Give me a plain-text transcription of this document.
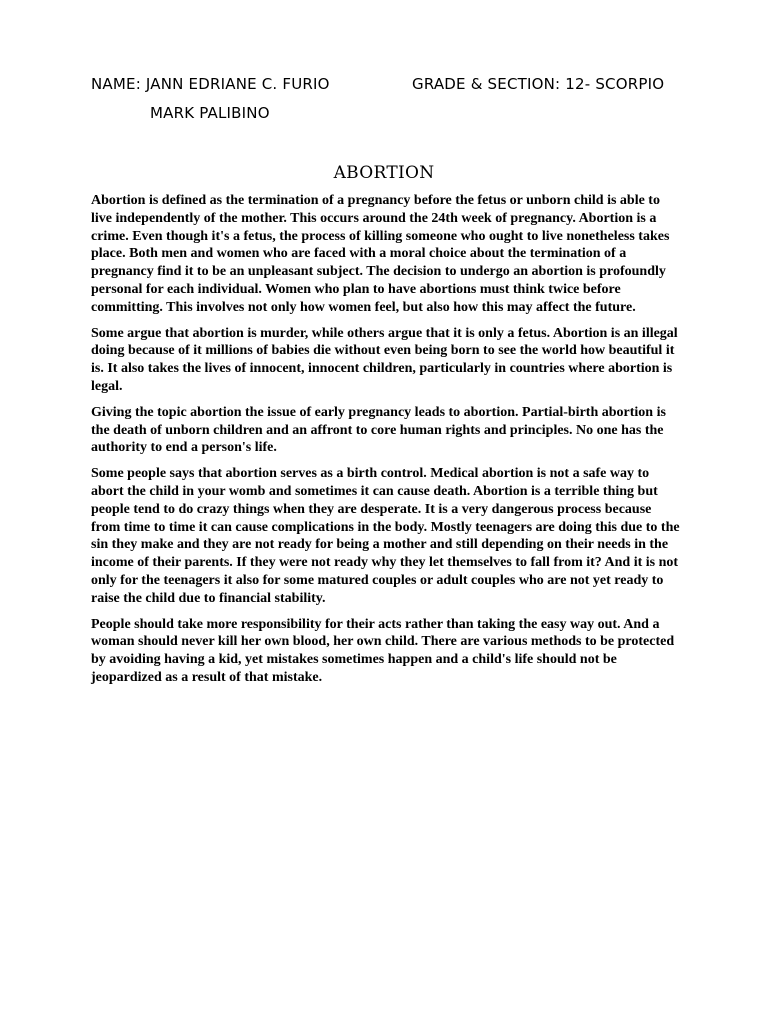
NAME: JANN EDRIANE C. FURIO	GRADE & SECTION: 12- SCORPIO
MARK PALIBINO
ABORTION

Abortion is defined as the termination of a pregnancy before the fetus or unborn child is able to live independently of the mother. This occurs around the 24th week of pregnancy. Abortion is a crime. Even though it's a fetus, the process of killing someone who ought to live nonetheless takes place. Both men and women who are faced with a moral choice about the termination of a pregnancy find it to be an unpleasant subject. The decision to undergo an abortion is profoundly personal for each individual. Women who plan to have abortions must think twice before committing. This involves not only how women feel, but also how this may affect the future.

Some argue that abortion is murder, while others argue that it is only a fetus. Abortion is an illegal doing because of it millions of babies die without even being born to see the world how beautiful it is. It also takes the lives of innocent, innocent children, particularly in countries where abortion is legal.

Giving the topic abortion the issue of early pregnancy leads to abortion. Partial-birth abortion is the death of unborn children and an affront to core human rights and principles. No one has the authority to end a person's life.

Some people says that abortion serves as a birth control. Medical abortion is not a safe way to abort the child in your womb and sometimes it can cause death. Abortion is a terrible thing but people tend to do crazy things when they are desperate. It is a very dangerous process because from time to time it can cause complications in the body. Mostly teenagers are doing this due to the sin they make and they are not ready for being a mother and still depending on their needs in the income of their parents. If they were not ready why they let themselves to fall from it? And it is not only for the teenagers it also for some matured couples or adult couples who are not yet ready to raise the child due to financial stability.

People should take more responsibility for their acts rather than taking the easy way out. And a woman should never kill her own blood, her own child. There are various methods to be protected by avoiding having a kid, yet mistakes sometimes happen and a child's life should not be jeopardized as a result of that mistake.
